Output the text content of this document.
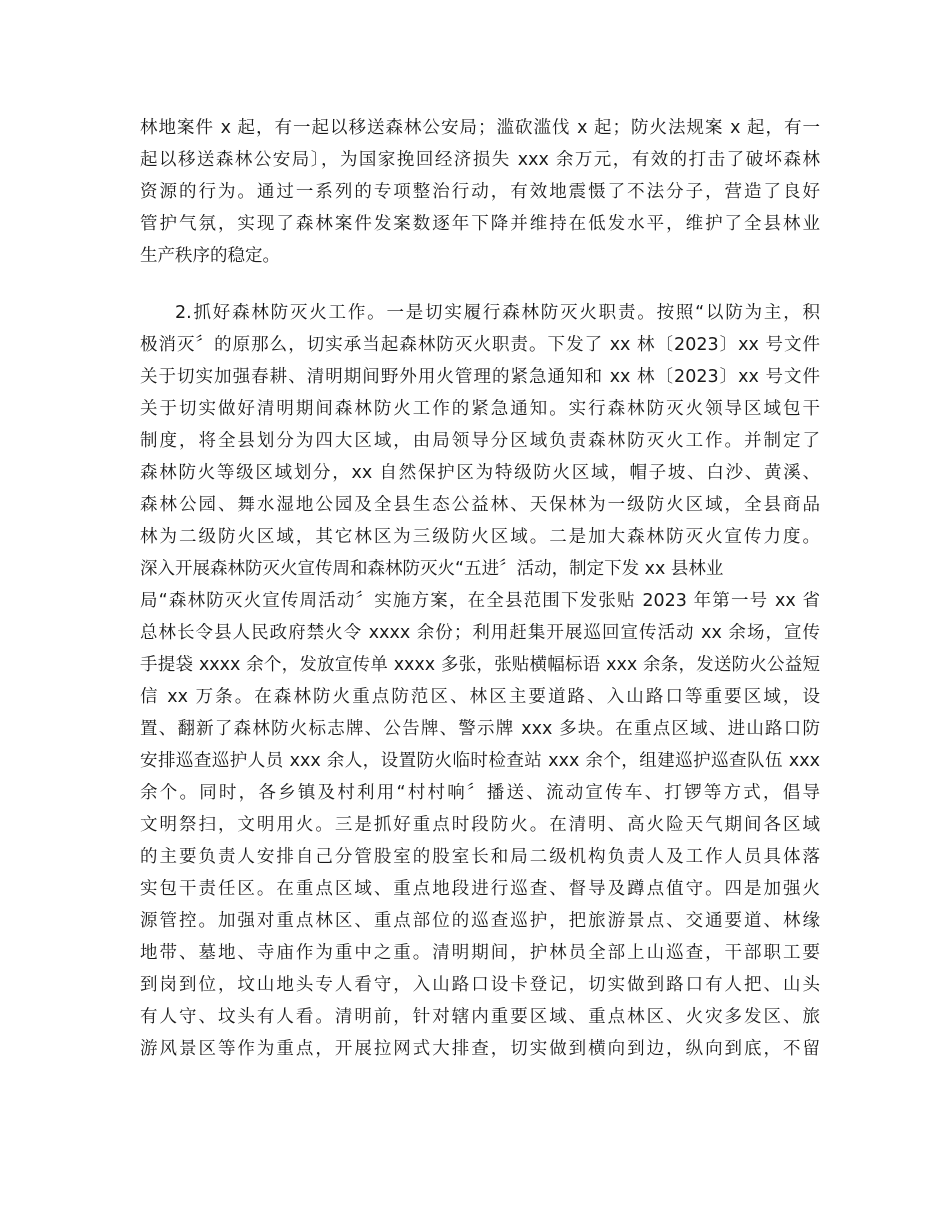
林地案件 x 起，有一起以移送森林公安局；滥砍滥伐 x 起；防火法规案 x 起，有一
起以移送森林公安局〕，为国家挽回经济损失 xxx 余万元，有效的打击了破坏森林
资源的行为。通过一系列的专项整治行动，有效地震慑了不法分子，营造了良好
管护气氛，实现了森林案件发案数逐年下降并维持在低发水平，维护了全县林业
生产秩序的稳定。
2.抓好森林防灭火工作。一是切实履行森林防灭火职责。按照“以防为主，积
极消灭〞的原那么，切实承当起森林防灭火职责。下发了 xx 林〔2023〕xx 号文件
关于切实加强春耕、清明期间野外用火管理的紧急通知和 xx 林〔2023〕xx 号文件
关于切实做好清明期间森林防火工作的紧急通知。实行森林防灭火领导区域包干
制度，将全县划分为四大区域，由局领导分区域负责森林防灭火工作。并制定了
森林防火等级区域划分，xx 自然保护区为特级防火区域，帽子坡、白沙、黄溪、
森林公园、舞水湿地公园及全县生态公益林、天保林为一级防火区域，全县商品
林为二级防火区域，其它林区为三级防火区域。二是加大森林防灭火宣传力度。
深入开展森林防灭火宣传周和森林防灭火“五进〞活动，制定下发 xx 县林业
局“森林防灭火宣传周活动〞实施方案，在全县范围下发张贴 2023 年第一号 xx 省
总林长令县人民政府禁火令 xxxx 余份；利用赶集开展巡回宣传活动 xx 余场，宣传
手提袋 xxxx 余个，发放宣传单 xxxx 多张，张贴横幅标语 xxx 余条，发送防火公益短
信 xx 万条。在森林防火重点防范区、林区主要道路、入山路口等重要区域，设
置、翻新了森林防火标志牌、公告牌、警示牌 xxx 多块。在重点区域、进山路口防
安排巡查巡护人员 xxx 余人，设置防火临时检查站 xxx 余个，组建巡护巡查队伍 xxx
余个。同时，各乡镇及村利用“村村响〞播送、流动宣传车、打锣等方式，倡导
文明祭扫，文明用火。三是抓好重点时段防火。在清明、高火险天气期间各区域
的主要负责人安排自己分管股室的股室长和局二级机构负责人及工作人员具体落
实包干责任区。在重点区域、重点地段进行巡查、督导及蹲点值守。四是加强火
源管控。加强对重点林区、重点部位的巡查巡护，把旅游景点、交通要道、林缘
地带、墓地、寺庙作为重中之重。清明期间，护林员全部上山巡查，干部职工要
到岗到位，坟山地头专人看守，入山路口设卡登记，切实做到路口有人把、山头
有人守、坟头有人看。清明前，针对辖内重要区域、重点林区、火灾多发区、旅
游风景区等作为重点，开展拉网式大排查，切实做到横向到边，纵向到底，不留
